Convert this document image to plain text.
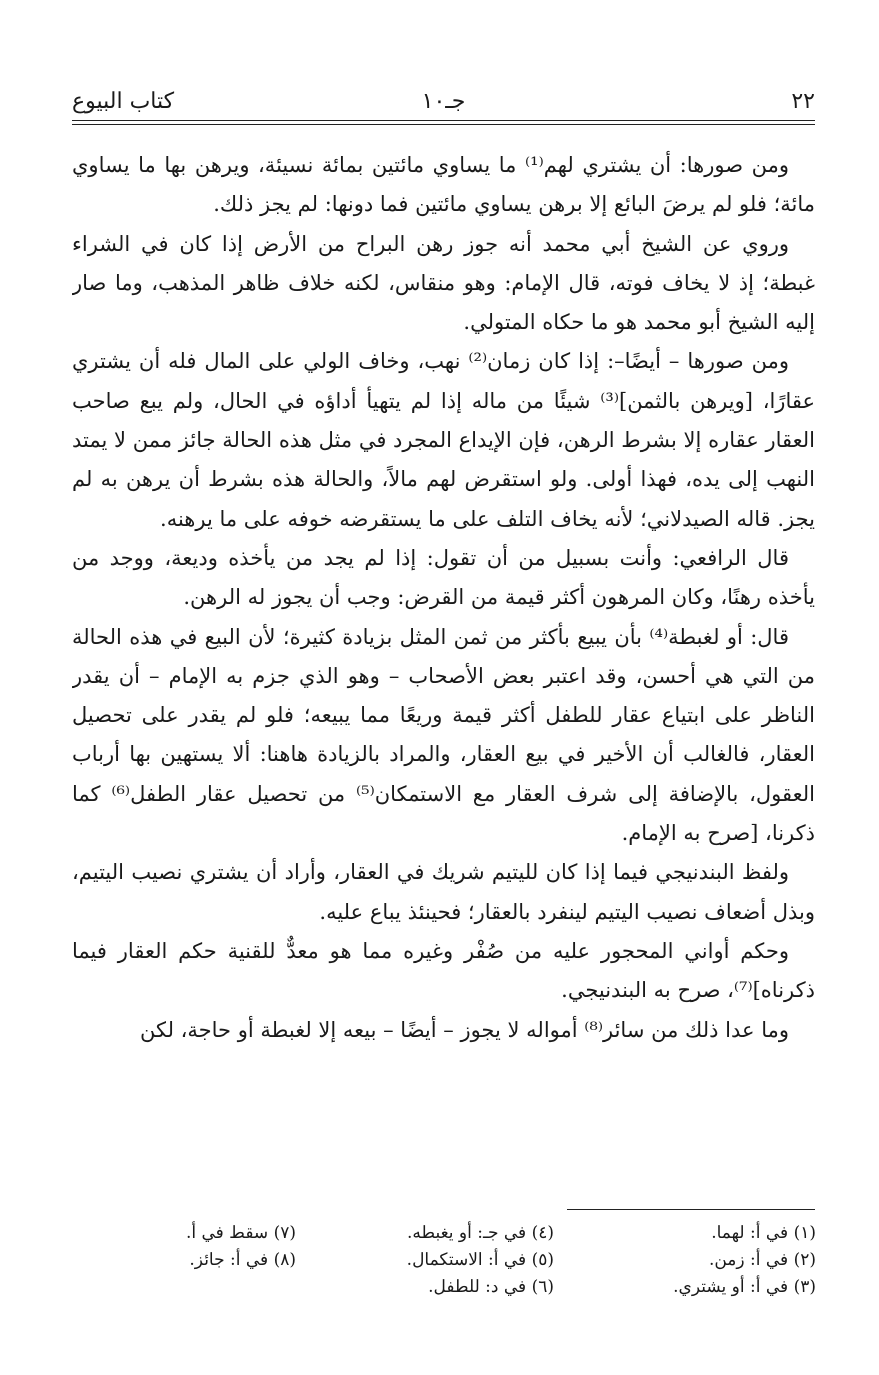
٢٢
جـ١٠
كتاب البيوع

ومن صورها: أن يشتري لهم⁽¹⁾ ما يساوي مائتين بمائة نسيئة، ويرهن بها ما يساوي مائة؛ فلو لم يرضَ البائع إلا برهن يساوي مائتين فما دونها: لم يجز ذلك.

وروي عن الشيخ أبي محمد أنه جوز رهن البراح من الأرض إذا كان في الشراء غبطة؛ إذ لا يخاف فوته، قال الإمام: وهو منقاس، لكنه خلاف ظاهر المذهب، وما صار إليه الشيخ أبو محمد هو ما حكاه المتولي.

ومن صورها – أيضًا–: إذا كان زمان⁽²⁾ نهب، وخاف الولي على المال فله أن يشتري عقارًا، [ويرهن بالثمن]⁽³⁾ شيئًا من ماله إذا لم يتهيأ أداؤه في الحال، ولم يبع صاحب العقار عقاره إلا بشرط الرهن، فإن الإيداع المجرد في مثل هذه الحالة جائز ممن لا يمتد النهب إلى يده، فهذا أولى. ولو استقرض لهم مالاً، والحالة هذه بشرط أن يرهن به لم يجز. قاله الصيدلاني؛ لأنه يخاف التلف على ما يستقرضه خوفه على ما يرهنه.

قال الرافعي: وأنت بسبيل من أن تقول: إذا لم يجد من يأخذه وديعة، ووجد من يأخذه رهنًا، وكان المرهون أكثر قيمة من القرض: وجب أن يجوز له الرهن.

قال: أو لغبطة⁽⁴⁾ بأن يبيع بأكثر من ثمن المثل بزيادة كثيرة؛ لأن البيع في هذه الحالة من التي هي أحسن، وقد اعتبر بعض الأصحاب – وهو الذي جزم به الإمام – أن يقدر الناظر على ابتياع عقار للطفل أكثر قيمة وريعًا مما يبيعه؛ فلو لم يقدر على تحصيل العقار، فالغالب أن الأخير في بيع العقار، والمراد بالزيادة هاهنا: ألا يستهين بها أرباب العقول، بالإضافة إلى شرف العقار مع الاستمكان⁽⁵⁾ من تحصيل عقار الطفل⁽⁶⁾ كما ذكرنا، [صرح به الإمام.

ولفظ البندنيجي فيما إذا كان لليتيم شريك في العقار، وأراد أن يشتري نصيب اليتيم، وبذل أضعاف نصيب اليتيم لينفرد بالعقار؛ فحينئذ يباع عليه.

وحكم أواني المحجور عليه من صُفْر وغيره مما هو معدٌّ للقنية حكم العقار فيما ذكرناه]⁽⁷⁾، صرح به البندنيجي.

وما عدا ذلك من سائر⁽⁸⁾ أمواله لا يجوز – أيضًا – بيعه إلا لغبطة أو حاجة، لكن

(١) في أ: لهما.
(٢) في أ: زمن.
(٣) في أ: أو يشتري.
(٤) في جـ: أو يغبطه.
(٥) في أ: الاستكمال.
(٦) في د: للطفل.
(٧) سقط في أ.
(٨) في أ: جائز.
